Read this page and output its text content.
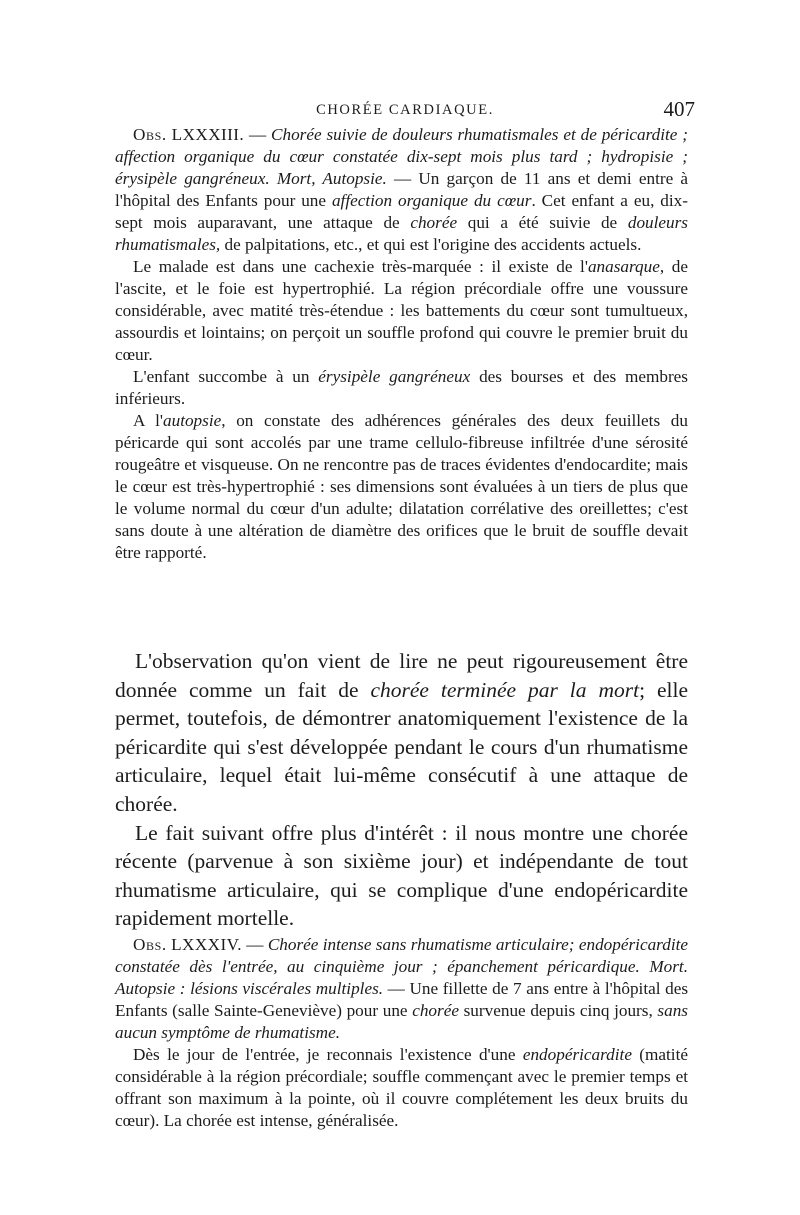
CHORÉE CARDIAQUE.	407

Obs. LXXXIII. — Chorée suivie de douleurs rhumatismales et de péricardite ; affection organique du cœur constatée dix-sept mois plus tard ; hydropisie ; érysipèle gangréneux. Mort, Autopsie. — Un garçon de 11 ans et demi entre à l'hôpital des Enfants pour une affection organique du cœur. Cet enfant a eu, dix-sept mois auparavant, une attaque de chorée qui a été suivie de douleurs rhumatismales, de palpitations, etc., et qui est l'origine des accidents actuels.

Le malade est dans une cachexie très-marquée : il existe de l'anasarque, de l'ascite, et le foie est hypertrophié. La région précordiale offre une voussure considérable, avec matité très-étendue : les battements du cœur sont tumultueux, assourdis et lointains; on perçoit un souffle profond qui couvre le premier bruit du cœur.

L'enfant succombe à un érysipèle gangréneux des bourses et des membres inférieurs.

A l'autopsie, on constate des adhérences générales des deux feuillets du péricarde qui sont accolés par une trame cellulo-fibreuse infiltrée d'une sérosité rougeâtre et visqueuse. On ne rencontre pas de traces évidentes d'endocardite; mais le cœur est très-hypertrophié : ses dimensions sont évaluées à un tiers de plus que le volume normal du cœur d'un adulte; dilatation corrélative des oreillettes; c'est sans doute à une altération de diamètre des orifices que le bruit de souffle devait être rapporté.

L'observation qu'on vient de lire ne peut rigoureusement être donnée comme un fait de chorée terminée par la mort; elle permet, toutefois, de démontrer anatomiquement l'existence de la péricardite qui s'est développée pendant le cours d'un rhumatisme articulaire, lequel était lui-même consécutif à une attaque de chorée.

Le fait suivant offre plus d'intérêt : il nous montre une chorée récente (parvenue à son sixième jour) et indépendante de tout rhumatisme articulaire, qui se complique d'une endopéricardite rapidement mortelle.

Obs. LXXXIV. — Chorée intense sans rhumatisme articulaire; endopéricardite constatée dès l'entrée, au cinquième jour ; épanchement péricardique. Mort. Autopsie : lésions viscérales multiples. — Une fillette de 7 ans entre à l'hôpital des Enfants (salle Sainte-Geneviève) pour une chorée survenue depuis cinq jours, sans aucun symptôme de rhumatisme.

Dès le jour de l'entrée, je reconnais l'existence d'une endopéricardite (matité considérable à la région précordiale; souffle commençant avec le premier temps et offrant son maximum à la pointe, où il couvre complétement les deux bruits du cœur). La chorée est intense, généralisée.
